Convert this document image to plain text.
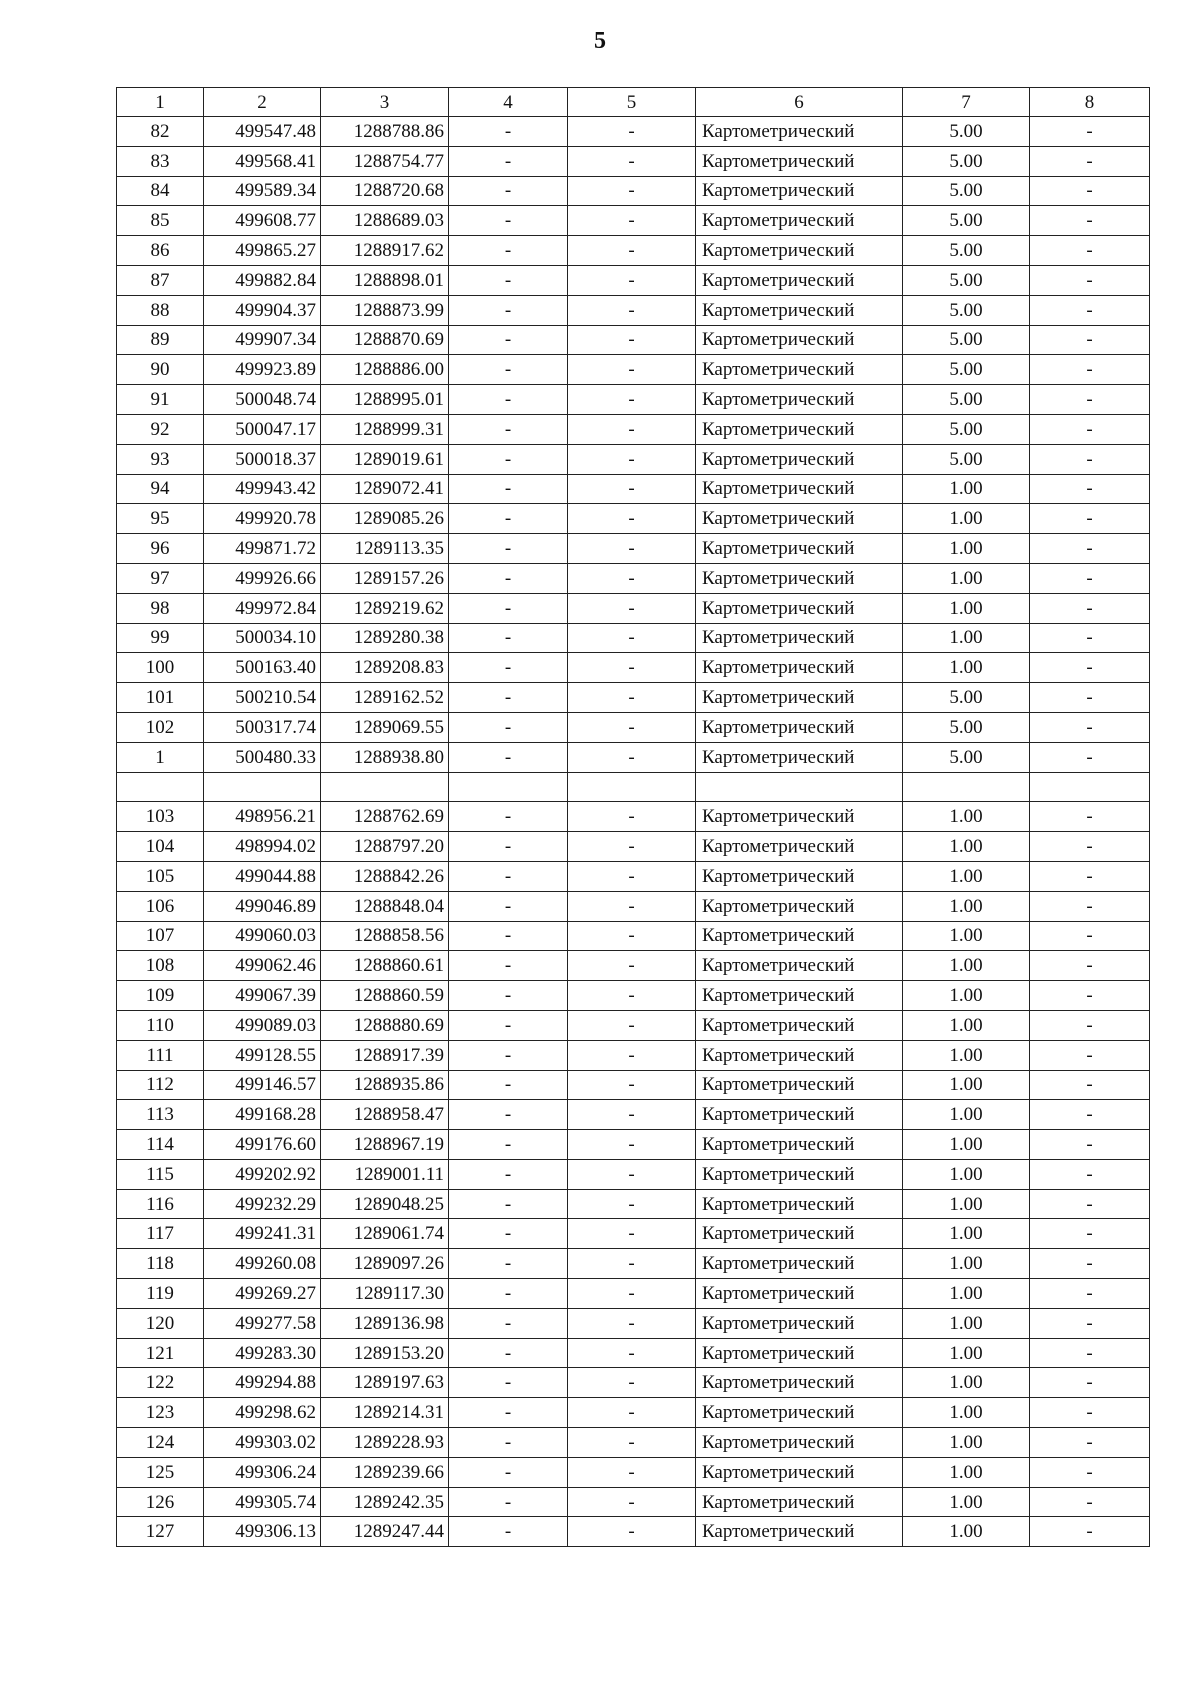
5
1	2	3	4	5	6	7	8
82	499547.48	1288788.86	-	-	Картометрический	5.00	-
83	499568.41	1288754.77	-	-	Картометрический	5.00	-
84	499589.34	1288720.68	-	-	Картометрический	5.00	-
85	499608.77	1288689.03	-	-	Картометрический	5.00	-
86	499865.27	1288917.62	-	-	Картометрический	5.00	-
87	499882.84	1288898.01	-	-	Картометрический	5.00	-
88	499904.37	1288873.99	-	-	Картометрический	5.00	-
89	499907.34	1288870.69	-	-	Картометрический	5.00	-
90	499923.89	1288886.00	-	-	Картометрический	5.00	-
91	500048.74	1288995.01	-	-	Картометрический	5.00	-
92	500047.17	1288999.31	-	-	Картометрический	5.00	-
93	500018.37	1289019.61	-	-	Картометрический	5.00	-
94	499943.42	1289072.41	-	-	Картометрический	1.00	-
95	499920.78	1289085.26	-	-	Картометрический	1.00	-
96	499871.72	1289113.35	-	-	Картометрический	1.00	-
97	499926.66	1289157.26	-	-	Картометрический	1.00	-
98	499972.84	1289219.62	-	-	Картометрический	1.00	-
99	500034.10	1289280.38	-	-	Картометрический	1.00	-
100	500163.40	1289208.83	-	-	Картометрический	1.00	-
101	500210.54	1289162.52	-	-	Картометрический	5.00	-
102	500317.74	1289069.55	-	-	Картометрический	5.00	-
1	500480.33	1288938.80	-	-	Картометрический	5.00	-

103	498956.21	1288762.69	-	-	Картометрический	1.00	-
104	498994.02	1288797.20	-	-	Картометрический	1.00	-
105	499044.88	1288842.26	-	-	Картометрический	1.00	-
106	499046.89	1288848.04	-	-	Картометрический	1.00	-
107	499060.03	1288858.56	-	-	Картометрический	1.00	-
108	499062.46	1288860.61	-	-	Картометрический	1.00	-
109	499067.39	1288860.59	-	-	Картометрический	1.00	-
110	499089.03	1288880.69	-	-	Картометрический	1.00	-
111	499128.55	1288917.39	-	-	Картометрический	1.00	-
112	499146.57	1288935.86	-	-	Картометрический	1.00	-
113	499168.28	1288958.47	-	-	Картометрический	1.00	-
114	499176.60	1288967.19	-	-	Картометрический	1.00	-
115	499202.92	1289001.11	-	-	Картометрический	1.00	-
116	499232.29	1289048.25	-	-	Картометрический	1.00	-
117	499241.31	1289061.74	-	-	Картометрический	1.00	-
118	499260.08	1289097.26	-	-	Картометрический	1.00	-
119	499269.27	1289117.30	-	-	Картометрический	1.00	-
120	499277.58	1289136.98	-	-	Картометрический	1.00	-
121	499283.30	1289153.20	-	-	Картометрический	1.00	-
122	499294.88	1289197.63	-	-	Картометрический	1.00	-
123	499298.62	1289214.31	-	-	Картометрический	1.00	-
124	499303.02	1289228.93	-	-	Картометрический	1.00	-
125	499306.24	1289239.66	-	-	Картометрический	1.00	-
126	499305.74	1289242.35	-	-	Картометрический	1.00	-
127	499306.13	1289247.44	-	-	Картометрический	1.00	-
